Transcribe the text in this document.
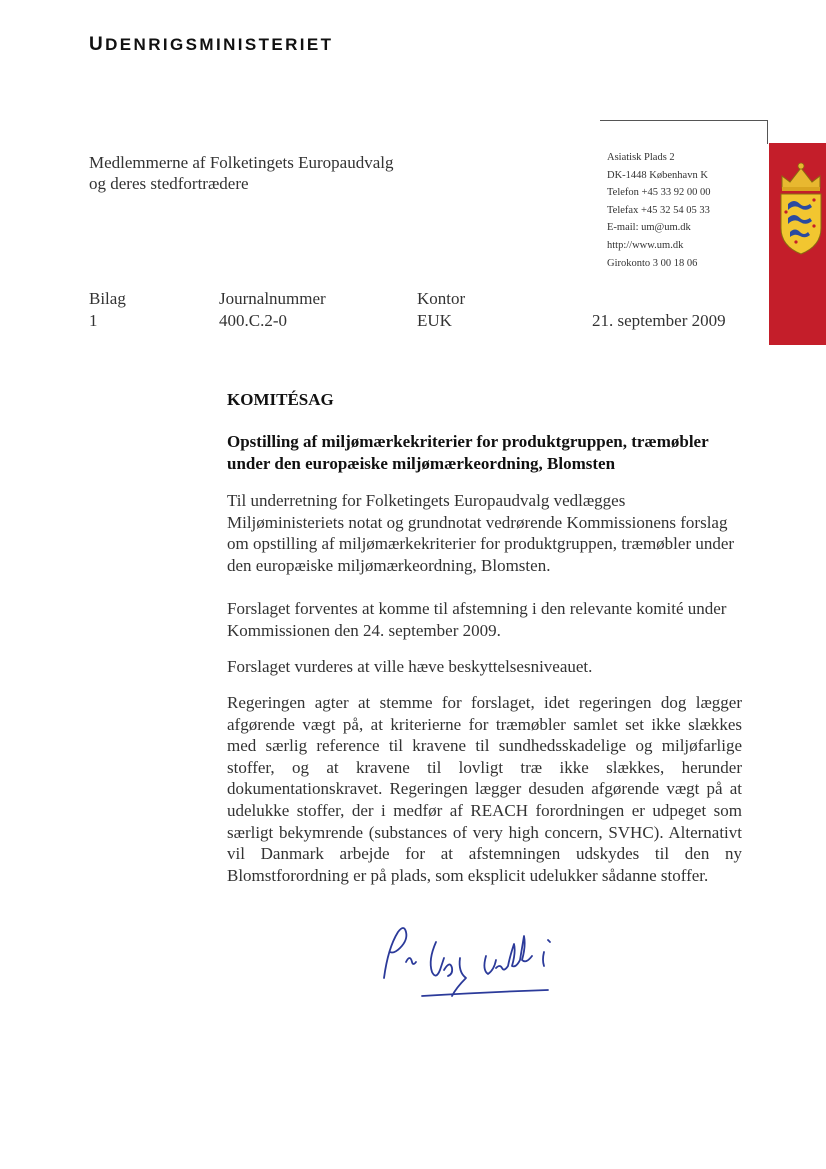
UDENRIGSMINISTERIET
Medlemmerne af Folketingets Europaudvalg
og deres stedfortrædere
Asiatisk Plads 2
DK-1448 København K
Telefon +45 33 92 00 00
Telefax +45 32 54 05 33
E-mail: um@um.dk
http://www.um.dk
Girokonto 3 00 18 06
Bilag
1
Journalnummer
400.C.2-0
Kontor
EUK	21. september 2009
KOMITÉSAG
Opstilling af miljømærkekriterier for produktgruppen, træmøbler
under den europæiske miljømærkeordning, Blomsten
Til underretning for Folketingets Europaudvalg vedlægges Miljøministeriets notat og grundnotat vedrørende Kommissionens forslag om opstilling af miljømærkekriterier for produktgruppen, træmøbler under den europæiske miljømærkeordning, Blomsten.
Forslaget forventes at komme til afstemning i den relevante komité under Kommissionen den 24. september 2009.
Forslaget vurderes at ville hæve beskyttelsesniveauet.
Regeringen agter at stemme for forslaget, idet regeringen dog lægger afgørende vægt på, at kriterierne for træmøbler samlet set ikke slækkes med særlig reference til kravene til sundhedsskadelige og miljøfarlige stoffer, og at kravene til lovligt træ ikke slækkes, herunder dokumentationskravet. Regeringen lægger desuden afgørende vægt på at udelukke stoffer, der i medfør af REACH forordningen er udpeget som særligt bekymrende (substances of very high concern, SVHC). Alternativt vil Danmark arbejde for at afstemningen udskydes til den ny Blomstforordning er på plads, som eksplicit udelukker sådanne stoffer.
